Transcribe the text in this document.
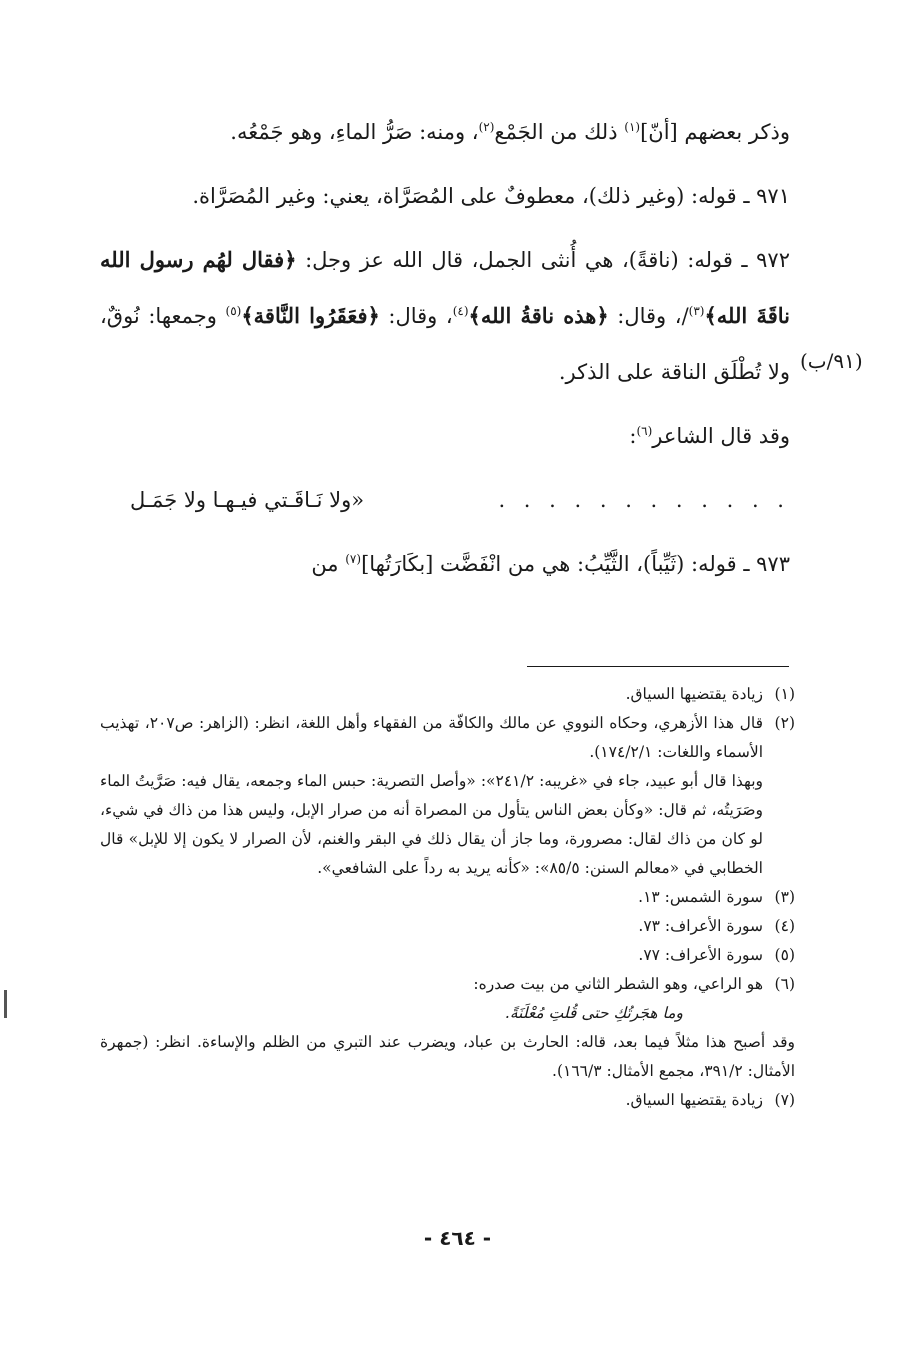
وذكر بعضهم [أنّ]$^{(١)}$ ذلك من الجَمْع$^{(٢)}$، ومنه: صَرُّ الماءِ، وهو جَمْعُه.

٩٧١ ـ قوله: (وغير ذلك)، معطوفٌ على المُصَرَّاة، يعني: وغير المُصَرَّاة.

٩٧٢ ـ قوله: (ناقةً)، هي أُنثى الجمل، قال الله عز وجل: ﴿فقال لهُم رسول الله ناقَةَ الله﴾$^{(٣)}$/، وقال: ﴿هذه ناقةُ الله﴾$^{(٤)}$، وقال: ﴿فعَقَرُوا النَّاقة﴾$^{(٥)}$ وجمعها: نُوقٌ، ولا تُطْلَق الناقة على الذكر.

وقد قال الشاعر$^{(٦)}$:

«ولا نَـاقَـتي فيـهـا ولا جَمَـل	. . . . . . . . . . . .

٩٧٣ ـ قوله: (ثَيِّباً)، الثَّيِّبُ: هي من انْفَضَّت [بكَارَتُها]$^{(٧)}$ من

(٩١/ب)
(١)
زيادة يقتضيها السياق.
(٢)
قال هذا الأزهري، وحكاه النووي عن مالك والكافّة من الفقهاء وأهل اللغة، انظر: (الزاهر: ص٢٠٧، تهذيب الأسماء واللغات: ١٧٤/٢/١).
وبهذا قال أبو عبيد، جاء في «غريبه: ٢٤١/٢»: «وأصل التصرية: حبس الماء وجمعه، يقال فيه: صَرَّيتُ الماء وصَرَيتُه، ثم قال: «وكأن بعض الناس يتأول من المصراة أنه من صرار الإبل، وليس هذا من ذاك في شيء، لو كان من ذاك لقال: مصرورة، وما جاز أن يقال ذلك في البقر والغنم، لأن الصرار لا يكون إلا للإبل» قال الخطابي في «معالم السنن: ٨٥/٥»: «كأنه يريد به رداً على الشافعي».
(٣)
سورة الشمس: ١٣.
(٤)
سورة الأعراف: ٧٣.
(٥)
سورة الأعراف: ٧٧.
(٦)
هو الراعي، وهو الشطر الثاني من بيت صدره:
وما هجَرتُكِ حتى قُلتِ مُعْلَنَةً.
وقد أصبح هذا مثلاً فيما بعد، قاله: الحارث بن عباد، ويضرب عند التبري من الظلم والإساءة. انظر: (جمهرة الأمثال: ٣٩١/٢، مجمع الأمثال: ١٦٦/٣).
(٧)
زيادة يقتضيها السياق.
- ٤٦٤ -
